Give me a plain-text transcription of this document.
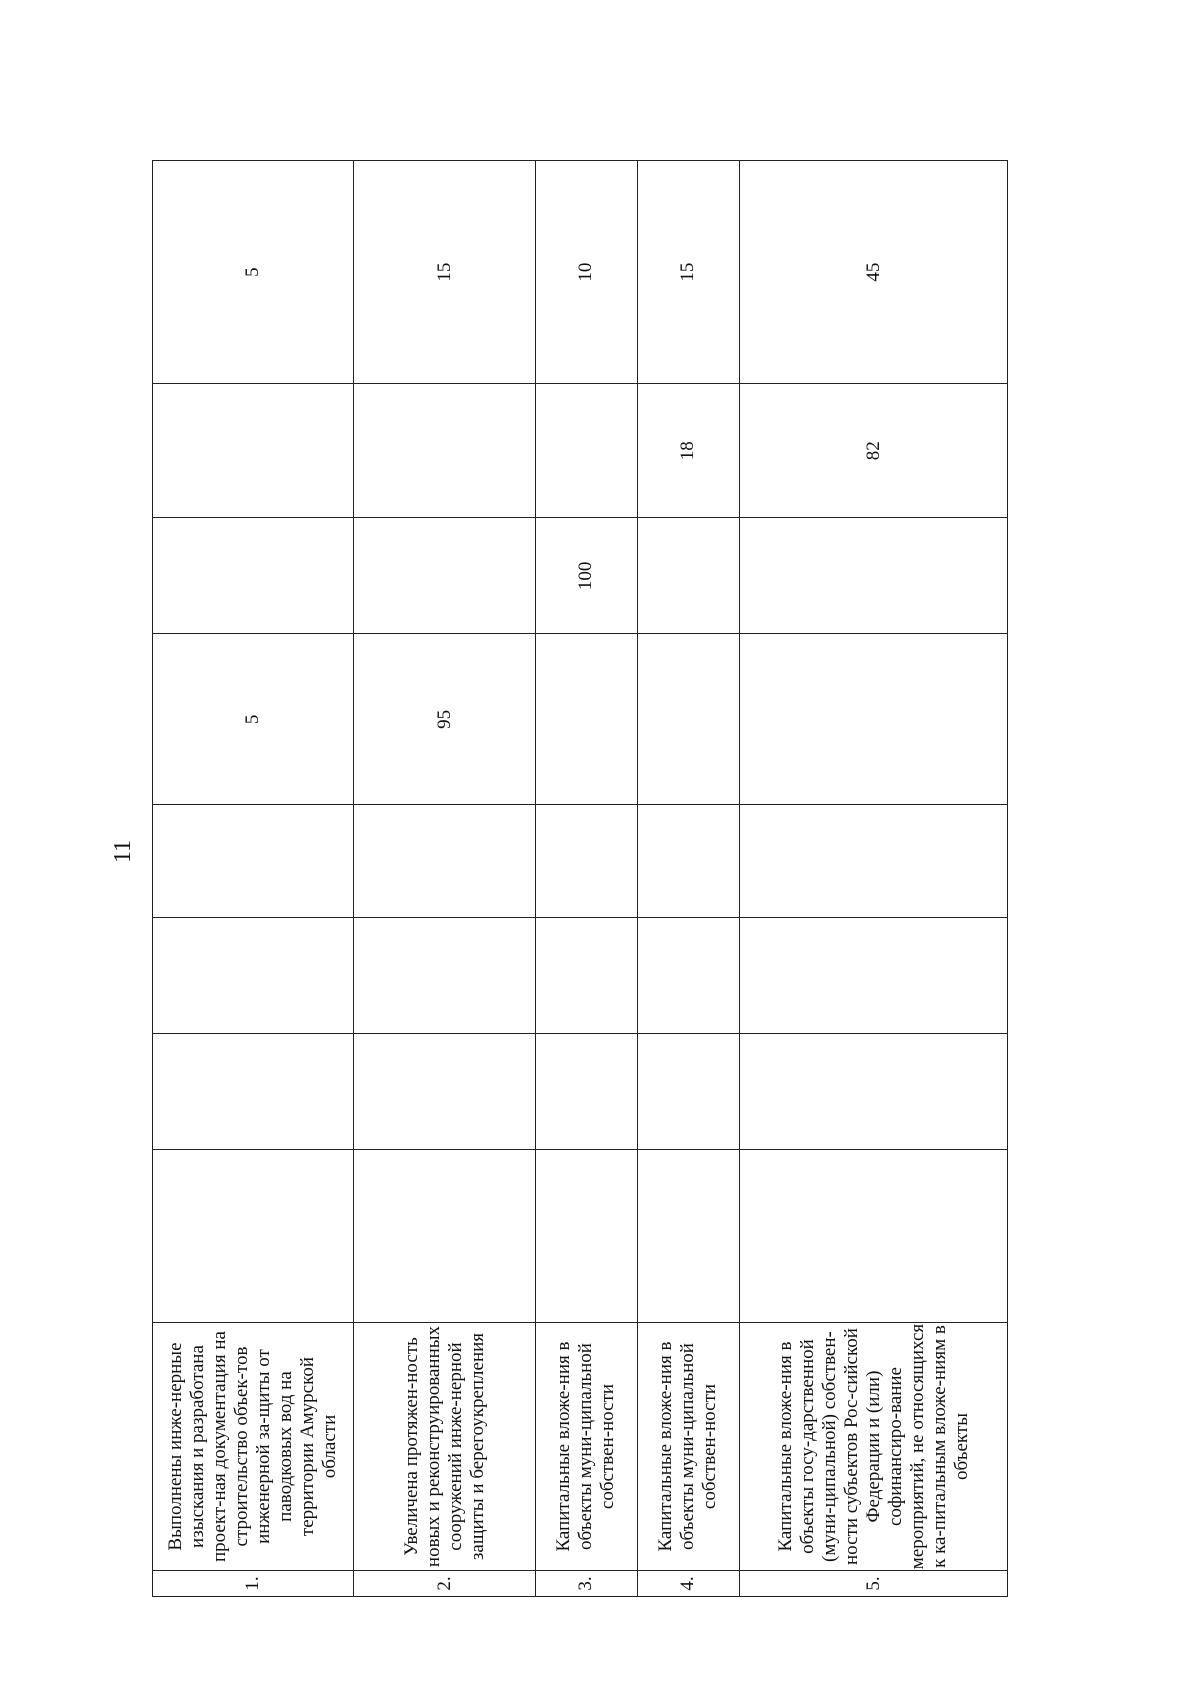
11
1.	Выполнены инже-нерные изыскания и разработана проект-ная документация на строительство объек-тов инженерной за-щиты от паводковых вод на территории Амурской области					5			5
2.	Увеличена протяжен-ность новых и реконструированных сооружений инже-нерной защиты и берегоукрепления					95			15
3.	Капитальные вложе-ния в объекты муни-ципальной собствен-ности						100		10
4.	Капитальные вложе-ния в объекты муни-ципальной собствен-ности							18	15
5.	Капитальные вложе-ния в объекты госу-дарственной (муни-ципальной) собствен-ности субъектов Рос-сийской Федерации и (или) софинансиро-вание мероприятий, не относящихся к ка-питальным вложе-ниям в объекты							82	45
